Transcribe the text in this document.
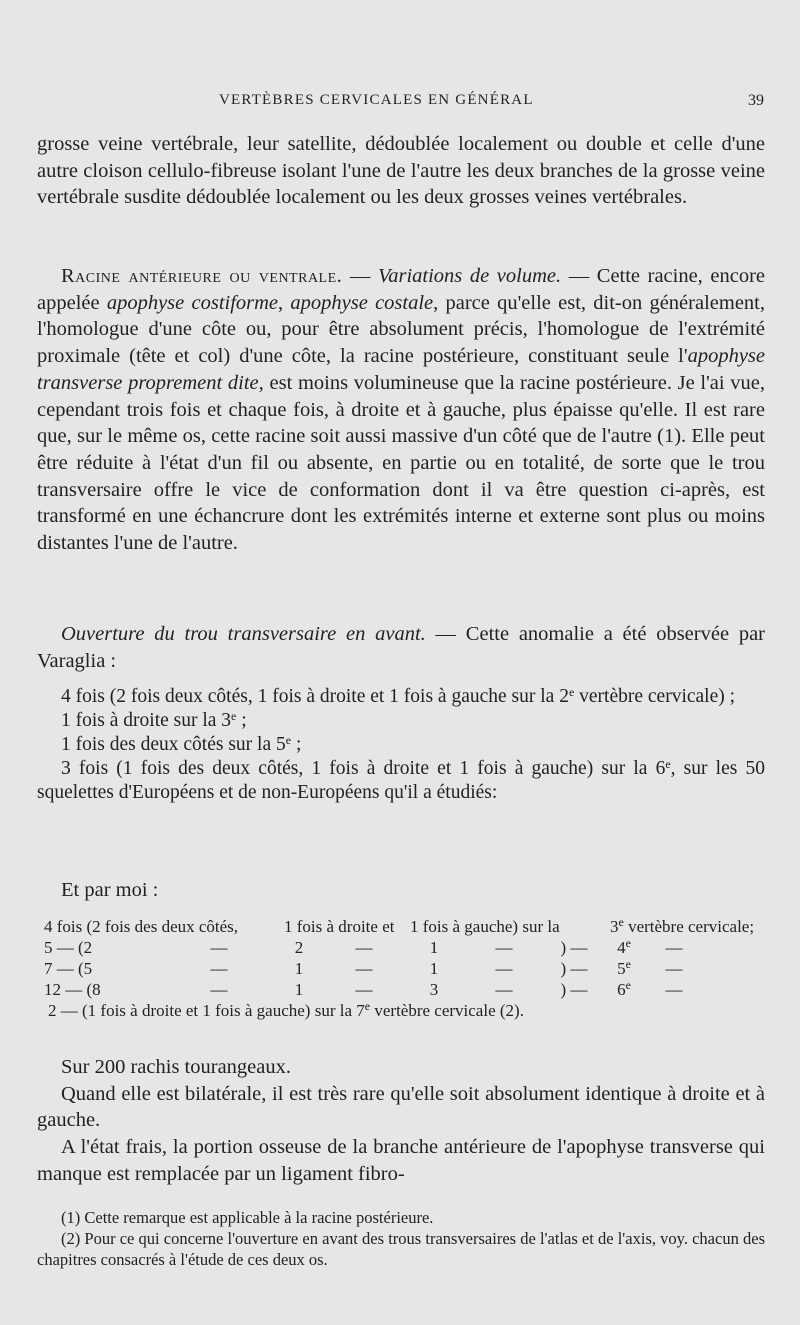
VERTÈBRES CERVICALES EN GÉNÉRAL	39

grosse veine vertébrale, leur satellite, dédoublée localement ou double et celle d'une autre cloison cellulo-fibreuse isolant l'une de l'autre les deux branches de la grosse veine vertébrale susdite dédoublée localement ou les deux grosses veines vertébrales.

Racine antérieure ou ventrale. — Variations de volume. — Cette racine, encore appelée apophyse costiforme, apophyse costale, parce qu'elle est, dit-on généralement, l'homologue d'une côte ou, pour être absolument précis, l'homologue de l'extrémité proximale (tête et col) d'une côte, la racine postérieure, constituant seule l'apophyse transverse proprement dite, est moins volumineuse que la racine postérieure. Je l'ai vue, cependant trois fois et chaque fois, à droite et à gauche, plus épaisse qu'elle. Il est rare que, sur le même os, cette racine soit aussi massive d'un côté que de l'autre (1). Elle peut être réduite à l'état d'un fil ou absente, en partie ou en totalité, de sorte que le trou transversaire offre le vice de conformation dont il va être question ci-après, est transformé en une échancrure dont les extrémités interne et externe sont plus ou moins distantes l'une de l'autre.

Ouverture du trou transversaire en avant. — Cette anomalie a été observée par Varaglia :

4 fois (2 fois deux côtés, 1 fois à droite et 1 fois à gauche sur la 2e vertèbre cervicale) ;

1 fois à droite sur la 3e ;

1 fois des deux côtés sur la 5e ;

3 fois (1 fois des deux côtés, 1 fois à droite et 1 fois à gauche) sur la 6e, sur les 50 squelettes d'Européens et de non-Européens qu'il a étudiés:

Et par moi :

4 fois (2 fois des deux côtés,		1 fois à droite et		1 fois à gauche) sur la			3e vertèbre cervicale;		
5 — (2	—	2	—	1	—	) —	4e	—	
7 — (5	—	1	—	1	—	) —	5e	—	
12 — (8	—	1	—	3	—	) —	6e	—	
2 — (1 fois à droite et 1 fois à gauche) sur la 7e vertèbre cervicale (2).									

Sur 200 rachis tourangeaux.

Quand elle est bilatérale, il est très rare qu'elle soit absolument identique à droite et à gauche.

A l'état frais, la portion osseuse de la branche antérieure de l'apophyse transverse qui manque est remplacée par un ligament fibro-

(1) Cette remarque est applicable à la racine postérieure.

(2) Pour ce qui concerne l'ouverture en avant des trous transversaires de l'atlas et de l'axis, voy. chacun des chapitres consacrés à l'étude de ces deux os.
